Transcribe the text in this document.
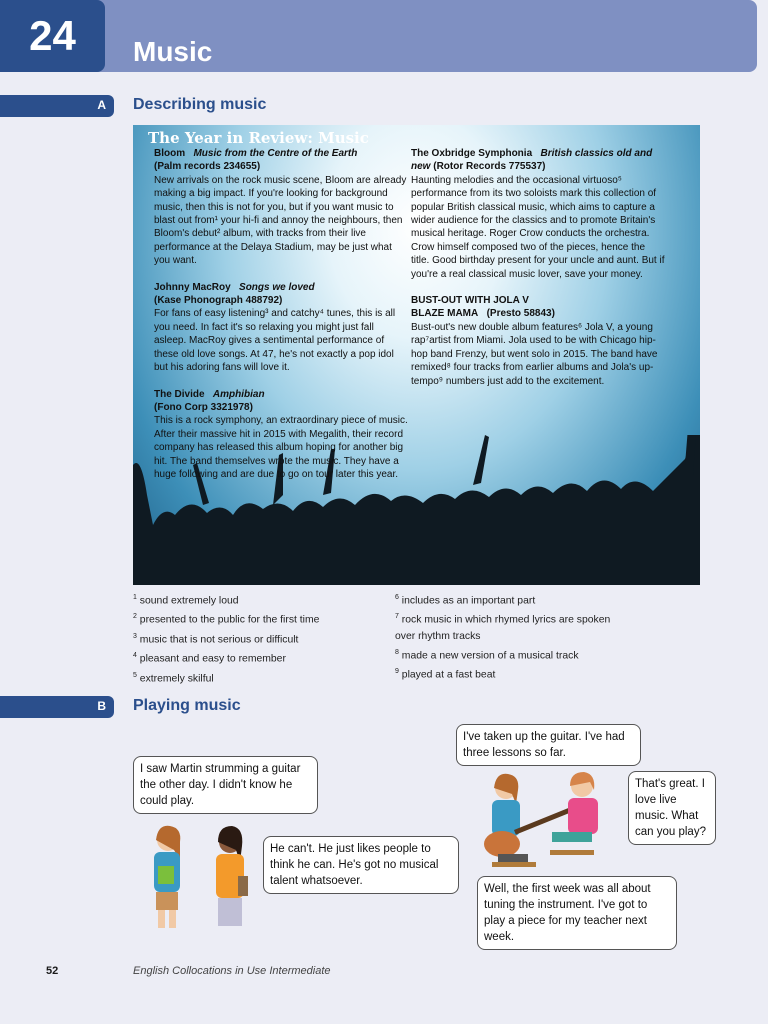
24	Music
A Describing music
The Year in Review: Music

Bloom Music from the Centre of the Earth
(Palm records 234655)
New arrivals on the rock music scene, Bloom are already making a big impact. If you're looking for background music, then this is not for you, but if you want music to blast out from¹ your hi-fi and annoy the neighbours, then Bloom's debut² album, with tracks from their live performance at the Delaya Stadium, may be just what you want.

Johnny MacRoy Songs we loved
(Kase Phonograph 488792)
For fans of easy listening³ and catchy⁴ tunes, this is all you need. In fact it's so relaxing you might just fall asleep. MacRoy gives a sentimental performance of these old love songs. At 47, he's not exactly a pop idol but his adoring fans will love it.

The Divide Amphibian
(Fono Corp 3321978)
This is a rock symphony, an extraordinary piece of music. After their massive hit in 2015 with Megalith, their record company has released this album hoping for another big hit. The band themselves wrote the music. They have a huge following and are due to go on tour later this year.

The Oxbridge Symphonia British classics old and new (Rotor Records 775537)
Haunting melodies and the occasional virtuoso⁵ performance from its two soloists mark this collection of popular British classical music, which aims to capture a wider audience for the classics and to promote Britain's musical heritage. Roger Crow conducts the orchestra. Crow himself composed two of the pieces, hence the title. Good birthday present for your uncle and aunt. But if you're a real classical music lover, save your money.

BUST-OUT WITH JOLA V
BLAZE MAMA (Presto 58843)
Bust-out's new double album features⁶ Jola V, a young rap⁷artist from Miami. Jola used to be with Chicago hip-hop band Frenzy, but went solo in 2015. The band have remixed⁸ four tracks from earlier albums and Jola's up-tempo⁹ numbers just add to the excitement.

$^1$ sound extremely loud
$^2$ presented to the public for the first time
$^3$ music that is not serious or difficult
$^4$ pleasant and easy to remember
$^5$ extremely skilful
$^6$ includes as an important part
$^7$ rock music in which rhymed lyrics are spoken over rhythm tracks
$^8$ made a new version of a musical track
$^9$ played at a fast beat
B Playing music
I saw Martin strumming a guitar the other day. I didn't know he could play.
He can't. He just likes people to think he can. He's got no musical talent whatsoever.
I've taken up the guitar. I've had three lessons so far.
That's great. I love live music. What can you play?
Well, the first week was all about tuning the instrument. I've got to play a piece for my teacher next week.
52	English Collocations in Use Intermediate
